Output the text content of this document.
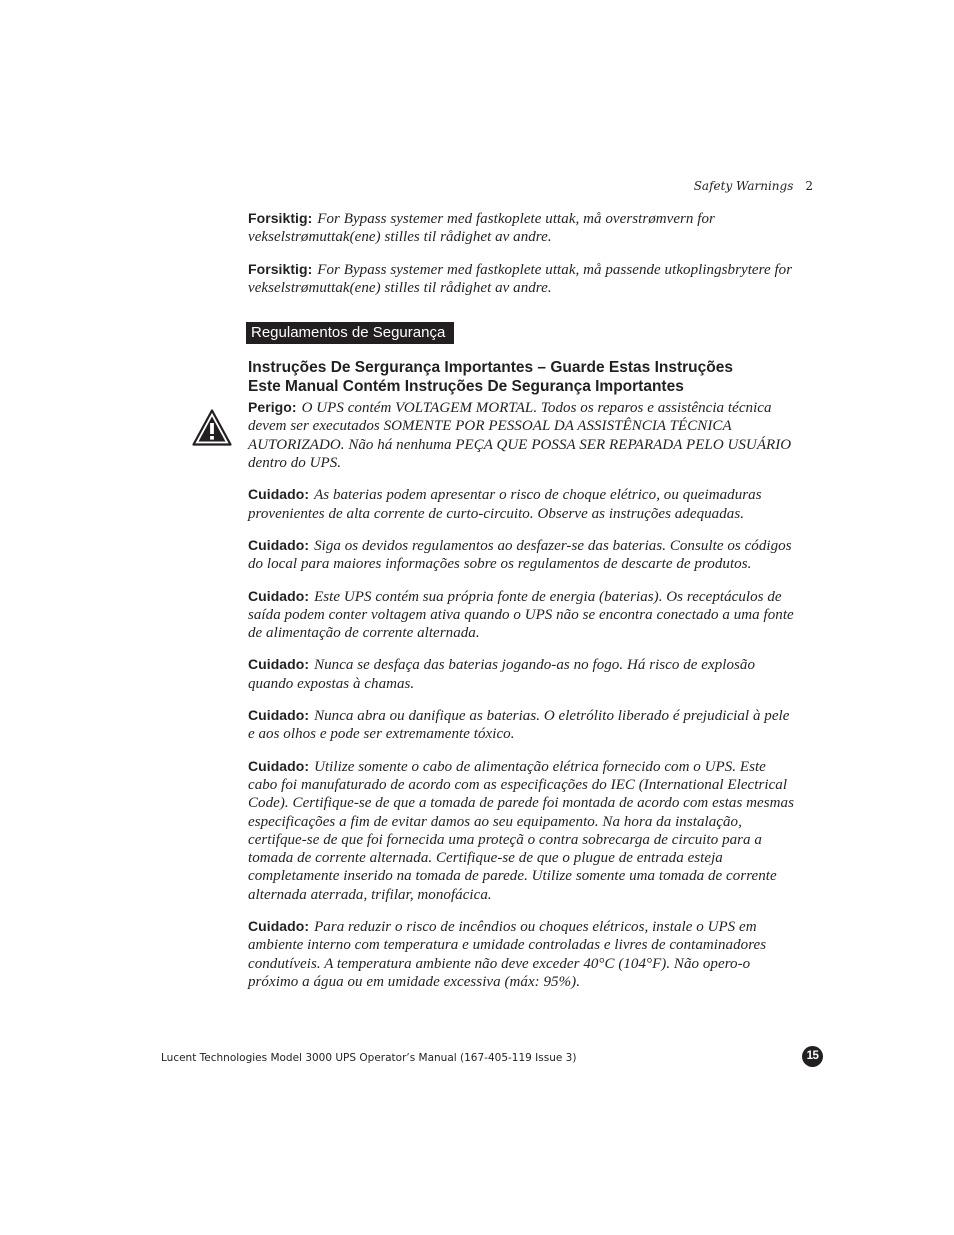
Safety Warnings 2

Forsiktig: For Bypass systemer med fastkoplete uttak, må overstrømvern for vekselstrømuttak(ene) stilles til rådighet av andre.

Forsiktig: For Bypass systemer med fastkoplete uttak, må passende utkoplingsbrytere for vekselstrømuttak(ene) stilles til rådighet av andre.

Regulamentos de Segurança
Instruções De Sergurança Importantes – Guarde Estas Instruções
Este Manual Contém Instruções De Segurança Importantes

Perigo: O UPS contém VOLTAGEM MORTAL. Todos os reparos e assistência técnica devem ser executados SOMENTE POR PESSOAL DA ASSISTÊNCIA TÉCNICA AUTORIZADO. Não há nenhuma PEÇA QUE POSSA SER REPARADA PELO USUÁRIO dentro do UPS.

Cuidado: As baterias podem apresentar o risco de choque elétrico, ou queimaduras provenientes de alta corrente de curto-circuito. Observe as instruções adequadas.

Cuidado: Siga os devidos regulamentos ao desfazer-se das baterias. Consulte os códigos do local para maiores informações sobre os regulamentos de descarte de produtos.

Cuidado: Este UPS contém sua própria fonte de energia (baterias). Os receptáculos de saída podem conter voltagem ativa quando o UPS não se encontra conectado a uma fonte de alimentação de corrente alternada.

Cuidado: Nunca se desfaça das baterias jogando-as no fogo. Há risco de explosão quando expostas à chamas.

Cuidado: Nunca abra ou danifique as baterias. O eletrólito liberado é prejudicial à pele e aos olhos e pode ser extremamente tóxico.

Cuidado: Utilize somente o cabo de alimentação elétrica fornecido com o UPS. Este cabo foi manufaturado de acordo com as especificações do IEC (International Electrical Code). Certifique-se de que a tomada de parede foi montada de acordo com estas mesmas especificações a fim de evitar damos ao seu equipamento. Na hora da instalação, certifque-se de que foi fornecida uma proteçã o contra sobrecarga de circuito para a tomada de corrente alternada. Certifique-se de que o plugue de entrada esteja completamente inserido na tomada de parede. Utilize somente uma tomada de corrente alternada aterrada, trifilar, monofácica.

Cuidado: Para reduzir o risco de incêndios ou choques elétricos, instale o UPS em ambiente interno com temperatura e umidade controladas e livres de contaminadores condutíveis. A temperatura ambiente não deve exceder 40°C (104°F). Não opero-o próximo a água ou em umidade excessiva (máx: 95%).

Lucent Technologies Model 3000 UPS Operator’s Manual (167-405-119 Issue 3)	15
